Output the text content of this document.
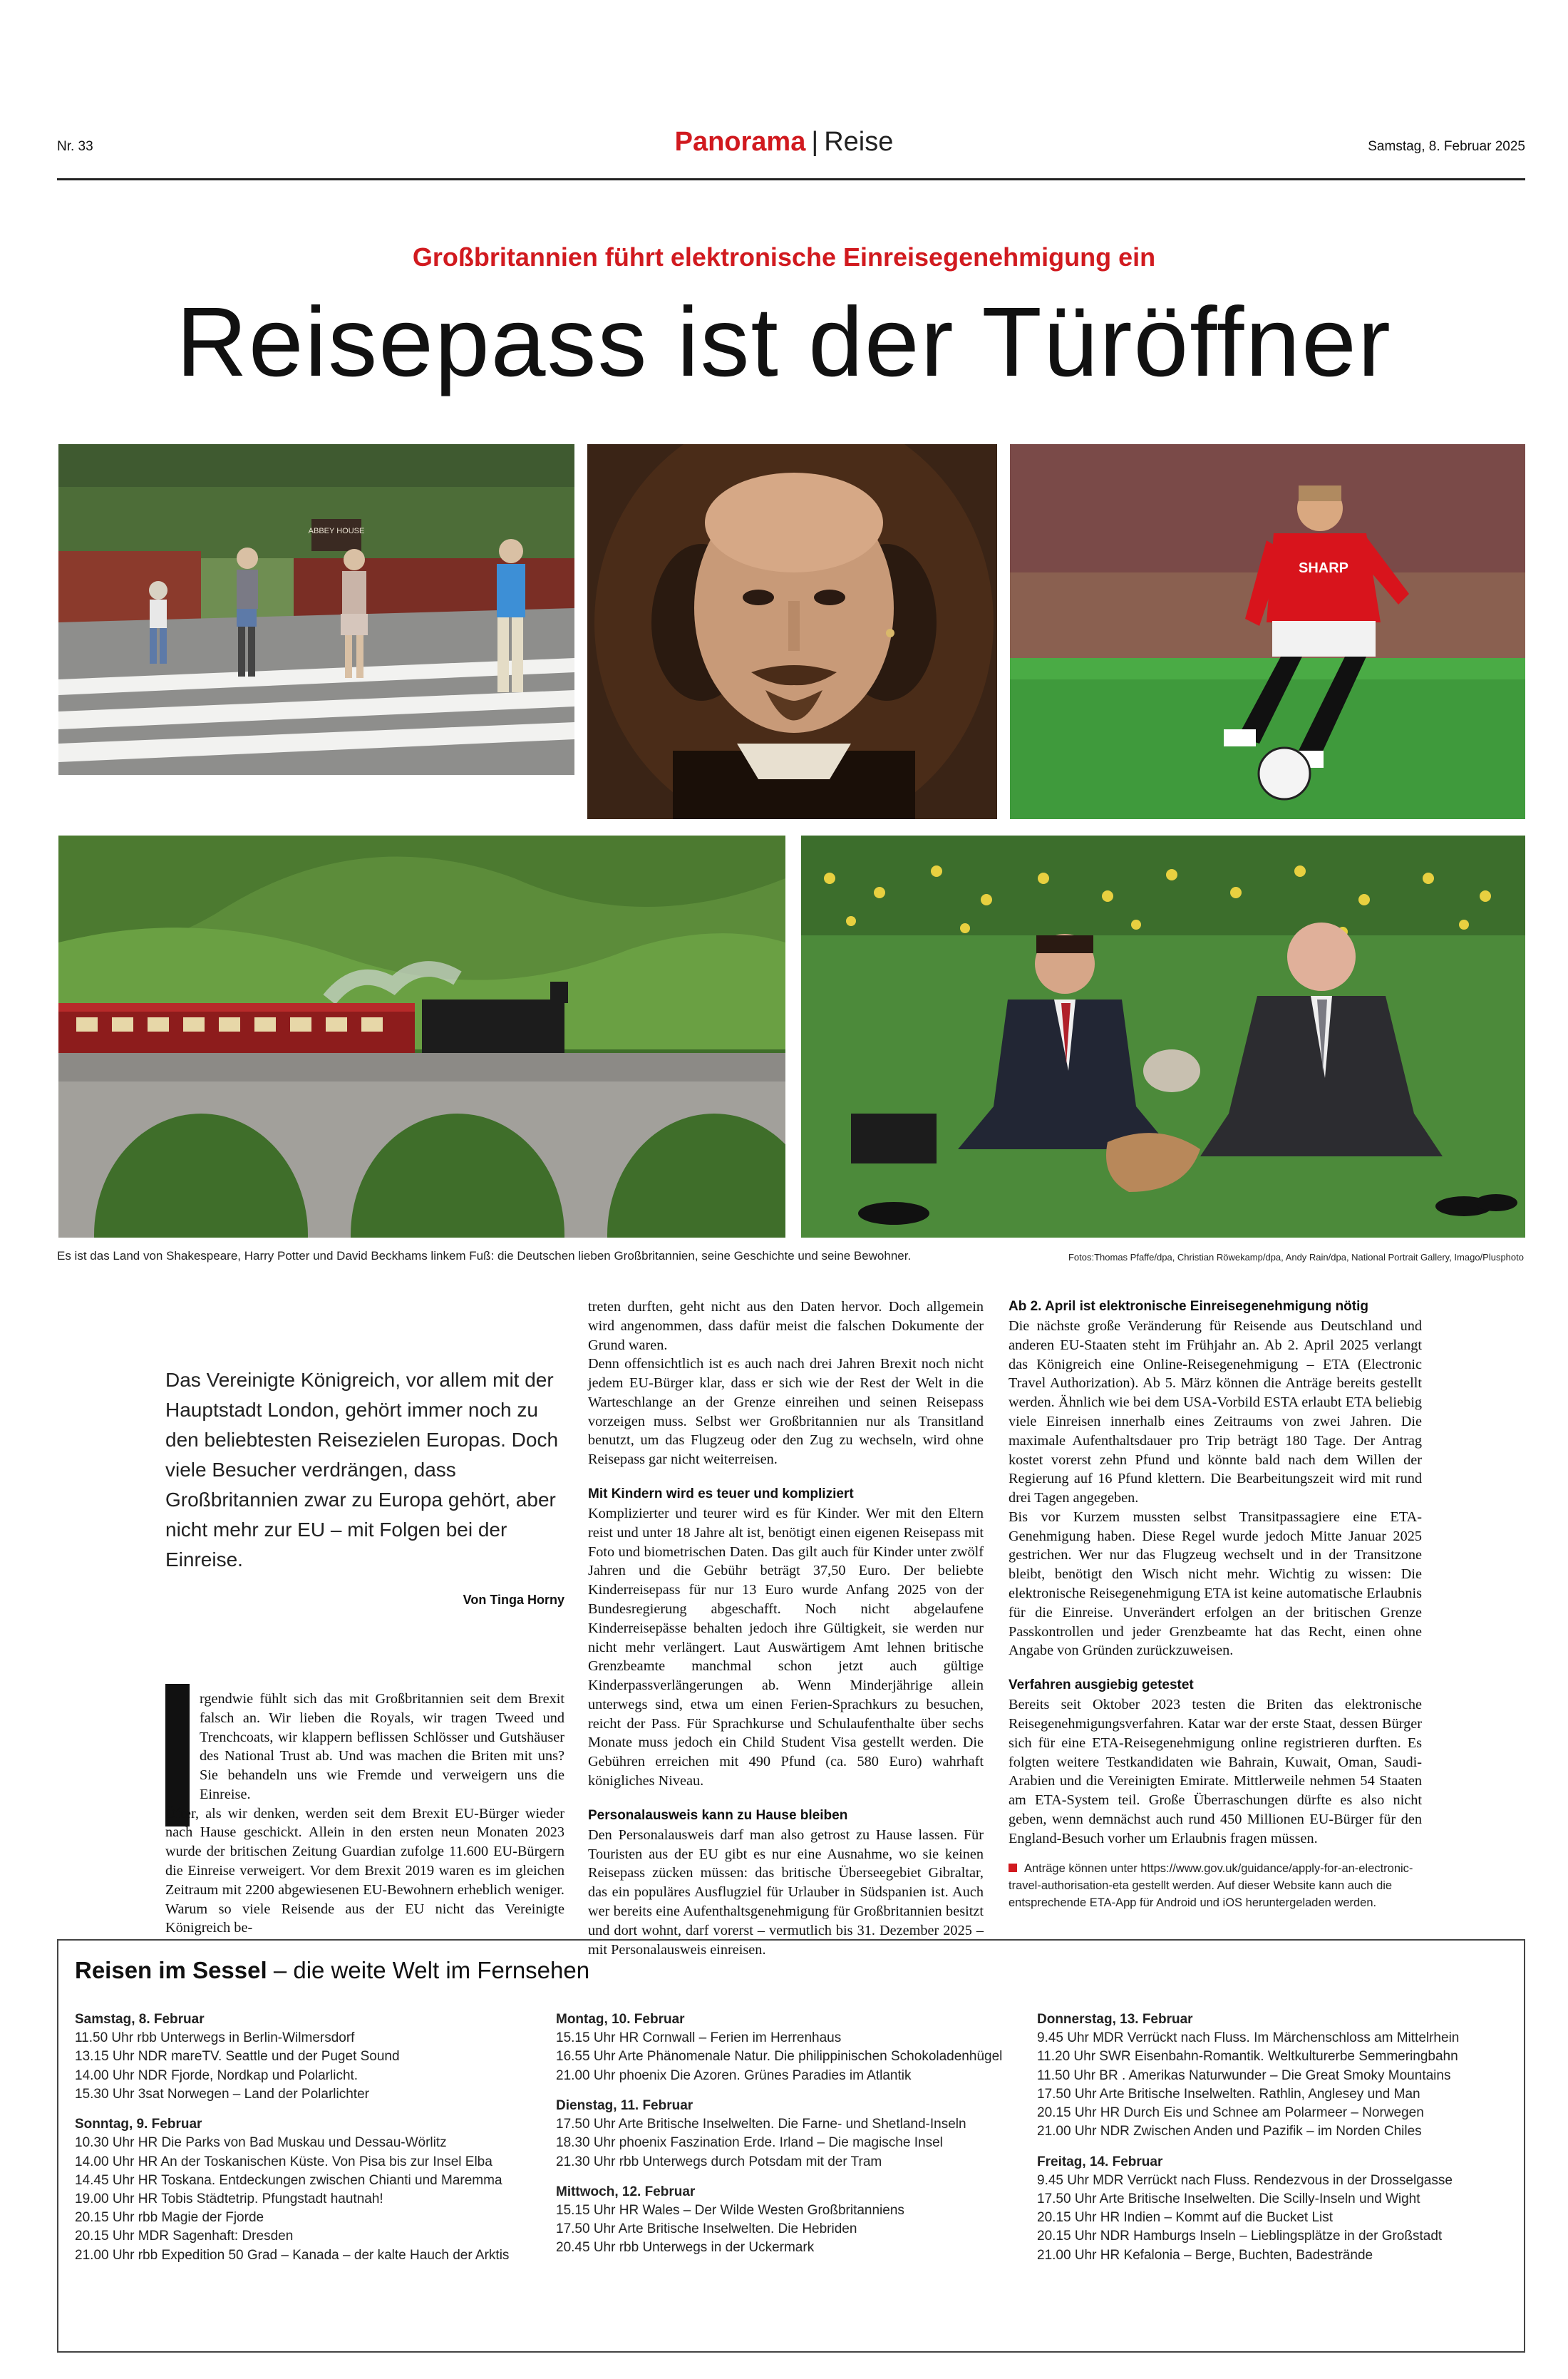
Nr. 33	Panorama | Reise	Samstag, 8. Februar 2025
Großbritannien führt elektronische Einreisegenehmigung ein
Reisepass ist der Türöffner
ABBEY HOUSE
SHARP
Es ist das Land von Shakespeare, Harry Potter und David Beckhams linkem Fuß: die Deutschen lieben Großbritannien, seine Geschichte und seine Bewohner.	Fotos:Thomas Pfaffe/dpa, Christian Röwekamp/dpa, Andy Rain/dpa, National Portrait Gallery, Imago/Plusphoto
Das Vereinigte Königreich, vor allem mit der Hauptstadt London, gehört immer noch zu den beliebtesten Reisezielen Europas. Doch viele Besucher verdrängen, dass Großbritannien zwar zu Europa gehört, aber nicht mehr zur EU – mit Folgen bei der Einreise.
Von Tinga Horny

rgendwie fühlt sich das mit Großbritannien seit dem Brexit falsch an. Wir lieben die Royals, wir tragen Tweed und Trenchcoats, wir klappern beflissen Schlösser und Gutshäuser des National Trust ab. Und was machen die Briten mit uns? Sie behandeln uns wie Fremde und verweigern uns die Einreise.

Öfter, als wir denken, werden seit dem Brexit EU-Bürger wieder nach Hause geschickt. Allein in den ersten neun Monaten 2023 wurde der britischen Zeitung Guardian zufolge 11.600 EU-Bürgern die Einreise verweigert. Vor dem Brexit 2019 waren es im gleichen Zeitraum mit 2200 abgewiesenen EU-Bewohnern erheblich weniger. Warum so viele Reisende aus der EU nicht das Vereinigte Königreich be-

treten durften, geht nicht aus den Daten hervor. Doch allgemein wird angenommen, dass dafür meist die falschen Dokumente der Grund waren.

Denn offensichtlich ist es auch nach drei Jahren Brexit noch nicht jedem EU-Bürger klar, dass er sich wie der Rest der Welt in die Warteschlange an der Grenze einreihen und seinen Reisepass vorzeigen muss. Selbst wer Großbritannien nur als Transitland benutzt, um das Flugzeug oder den Zug zu wechseln, wird ohne Reisepass gar nicht weiterreisen.

Mit Kindern wird es teuer und kompliziert

Komplizierter und teurer wird es für Kinder. Wer mit den Eltern reist und unter 18 Jahre alt ist, benötigt einen eigenen Reisepass mit Foto und biometrischen Daten. Das gilt auch für Kinder unter zwölf Jahren und die Gebühr beträgt 37,50 Euro. Der beliebte Kinderreisepass für nur 13 Euro wurde Anfang 2025 von der Bundesregierung abgeschafft. Noch nicht abgelaufene Kinderreisepässe behalten jedoch ihre Gültigkeit, sie werden nur nicht mehr verlängert. Laut Auswärtigem Amt lehnen britische Grenzbeamte manchmal schon jetzt auch gültige Kinderpassverlängerungen ab. Wenn Minderjährige allein unterwegs sind, etwa um einen Ferien-Sprachkurs zu besuchen, reicht der Pass. Für Sprachkurse und Schulaufenthalte über sechs Monate muss jedoch ein Child Student Visa gestellt werden. Die Gebühren erreichen mit 490 Pfund (ca. 580 Euro) wahrhaft königliches Niveau.

Personalausweis kann zu Hause bleiben

Den Personalausweis darf man also getrost zu Hause lassen. Für Touristen aus der EU gibt es nur eine Ausnahme, wo sie keinen Reisepass zücken müssen: das britische Überseegebiet Gibraltar, das ein populäres Ausflugziel für Urlauber in Südspanien ist. Auch wer bereits eine Aufenthaltsgenehmigung für Großbritannien besitzt und dort wohnt, darf vorerst – vermutlich bis 31. Dezember 2025 – mit Personalausweis einreisen.

Ab 2. April ist elektronische Einreisegenehmigung nötig

Die nächste große Veränderung für Reisende aus Deutschland und anderen EU-Staaten steht im Frühjahr an. Ab 2. April 2025 verlangt das Königreich eine Online-Reisegenehmigung – ETA (Electronic Travel Authorization). Ab 5. März können die Anträge bereits gestellt werden. Ähnlich wie bei dem USA-Vorbild ESTA erlaubt ETA beliebig viele Einreisen innerhalb eines Zeitraums von zwei Jahren. Die maximale Aufenthaltsdauer pro Trip beträgt 180 Tage. Der Antrag kostet vorerst zehn Pfund und könnte bald nach dem Willen der Regierung auf 16 Pfund klettern. Die Bearbeitungszeit wird mit rund drei Tagen angegeben.

Bis vor Kurzem mussten selbst Transitpassagiere eine ETA-Genehmigung haben. Diese Regel wurde jedoch Mitte Januar 2025 gestrichen. Wer nur das Flugzeug wechselt und in der Transitzone bleibt, benötigt den Wisch nicht mehr. Wichtig zu wissen: Die elektronische Reisegenehmigung ETA ist keine automatische Erlaubnis für die Einreise. Unverändert erfolgen an der britischen Grenze Passkontrollen und jeder Grenzbeamte hat das Recht, einen ohne Angabe von Gründen zurückzuweisen.

Verfahren ausgiebig getestet

Bereits seit Oktober 2023 testen die Briten das elektronische Reisegenehmigungsverfahren. Katar war der erste Staat, dessen Bürger sich für eine ETA-Reisegenehmigung online registrieren durften. Es folgten weitere Testkandidaten wie Bahrain, Kuwait, Oman, Saudi-Arabien und die Vereinigten Emirate. Mittlerweile nehmen 54 Staaten am ETA-System teil. Große Überraschungen dürfte es also nicht geben, wenn demnächst auch rund 450 Millionen EU-Bürger für den England-Besuch vorher um Erlaubnis fragen müssen.

Anträge können unter https://www.gov.uk/guidance/apply-for-an-electronic-travel-authorisation-eta gestellt werden. Auf dieser Website kann auch die entsprechende ETA-App für Android und iOS heruntergeladen werden.
Reisen im Sessel – die weite Welt im Fernsehen
Samstag, 8. Februar
11.50 Uhr rbb Unterwegs in Berlin-Wilmersdorf
13.15 Uhr NDR mareTV. Seattle und der Puget Sound
14.00 Uhr NDR Fjorde, Nordkap und Polarlicht.
15.30 Uhr 3sat Norwegen – Land der Polarlichter
Sonntag, 9. Februar
10.30 Uhr HR Die Parks von Bad Muskau und Dessau-Wörlitz
14.00 Uhr HR An der Toskanischen Küste. Von Pisa bis zur Insel Elba
14.45 Uhr HR Toskana. Entdeckungen zwischen Chianti und Maremma
19.00 Uhr HR Tobis Städtetrip. Pfungstadt hautnah!
20.15 Uhr rbb Magie der Fjorde
20.15 Uhr MDR Sagenhaft: Dresden
21.00 Uhr rbb Expedition 50 Grad – Kanada – der kalte Hauch der Arktis
Montag, 10. Februar
15.15 Uhr HR Cornwall – Ferien im Herrenhaus
16.55 Uhr Arte Phänomenale Natur. Die philippinischen Schokoladenhügel
21.00 Uhr phoenix Die Azoren. Grünes Paradies im Atlantik
Dienstag, 11. Februar
17.50 Uhr Arte Britische Inselwelten. Die Farne- und Shetland-Inseln
18.30 Uhr phoenix Faszination Erde. Irland – Die magische Insel
21.30 Uhr rbb Unterwegs durch Potsdam mit der Tram
Mittwoch, 12. Februar
15.15 Uhr HR Wales – Der Wilde Westen Großbritanniens
17.50 Uhr Arte Britische Inselwelten. Die Hebriden
20.45 Uhr rbb Unterwegs in der Uckermark
Donnerstag, 13. Februar
9.45 Uhr MDR Verrückt nach Fluss. Im Märchenschloss am Mittelrhein
11.20 Uhr SWR Eisenbahn-Romantik. Weltkulturerbe Semmeringbahn
11.50 Uhr BR . Amerikas Naturwunder – Die Great Smoky Mountains
17.50 Uhr Arte Britische Inselwelten. Rathlin, Anglesey und Man
20.15 Uhr HR Durch Eis und Schnee am Polarmeer – Norwegen
21.00 Uhr NDR Zwischen Anden und Pazifik – im Norden Chiles
Freitag, 14. Februar
9.45 Uhr MDR Verrückt nach Fluss. Rendezvous in der Drosselgasse
17.50 Uhr Arte Britische Inselwelten. Die Scilly-Inseln und Wight
20.15 Uhr HR Indien – Kommt auf die Bucket List
20.15 Uhr NDR Hamburgs Inseln – Lieblingsplätze in der Großstadt
21.00 Uhr HR Kefalonia – Berge, Buchten, Badestrände
